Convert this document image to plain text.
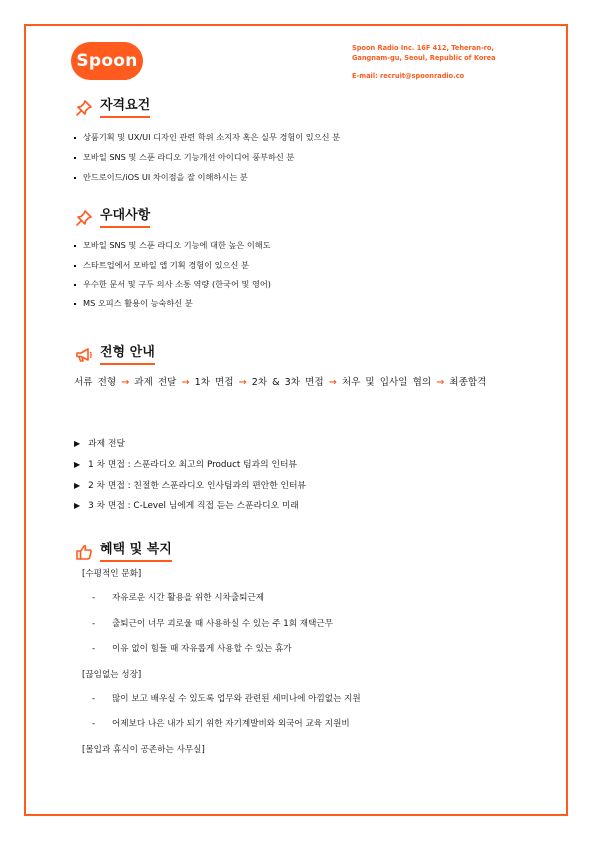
Spoon
Spoon Radio Inc. 16F 412, Teheran-ro,
Gangnam-gu, Seoul, Republic of Korea
E-mail: recruit@spoonradio.co
자격요건
상품기획 및 UX/UI 디자인 관련 학위 소지자 혹은 실무 경험이 있으신 분
모바일 SNS 및 스푼 라디오 기능개선 아이디어 풍부하신 분
안드로이드/iOS UI 차이점을 잘 이해하시는 분
우대사항
모바일 SNS 및 스푼 라디오 기능에 대한 높은 이해도
스타트업에서 모바일 앱 기획 경험이 있으신 분
우수한 문서 및 구두 의사 소통 역량 (한국어 및 영어)
MS 오피스 활용이 능숙하신 분
전형 안내
서류 전형 → 과제 전달 → 1차 면접 → 2차 & 3차 면접 → 처우 및 입사일 협의 → 최종합격
▶ 과제 전달
▶ 1 차 면접 : 스푼라디오 최고의 Product 팀과의 인터뷰
▶ 2 차 면접 : 친절한 스푼라디오 인사팀과의 편안한 인터뷰
▶ 3 차 면접 : C-Level 님에게 직접 듣는 스푼라디오 미래
혜택 및 복지
[수평적인 문화]
- 자유로운 시간 활용을 위한 시차출퇴근제
- 출퇴근이 너무 괴로울 때 사용하실 수 있는 주 1회 재택근무
- 이유 없이 힘들 때 자유롭게 사용할 수 있는 휴가
[끊임없는 성장]
- 많이 보고 배우실 수 있도록 업무와 관련된 세미나에 아낌없는 지원
- 어제보다 나은 내가 되기 위한 자기계발비와 외국어 교육 지원비
[몰입과 휴식이 공존하는 사무실]
